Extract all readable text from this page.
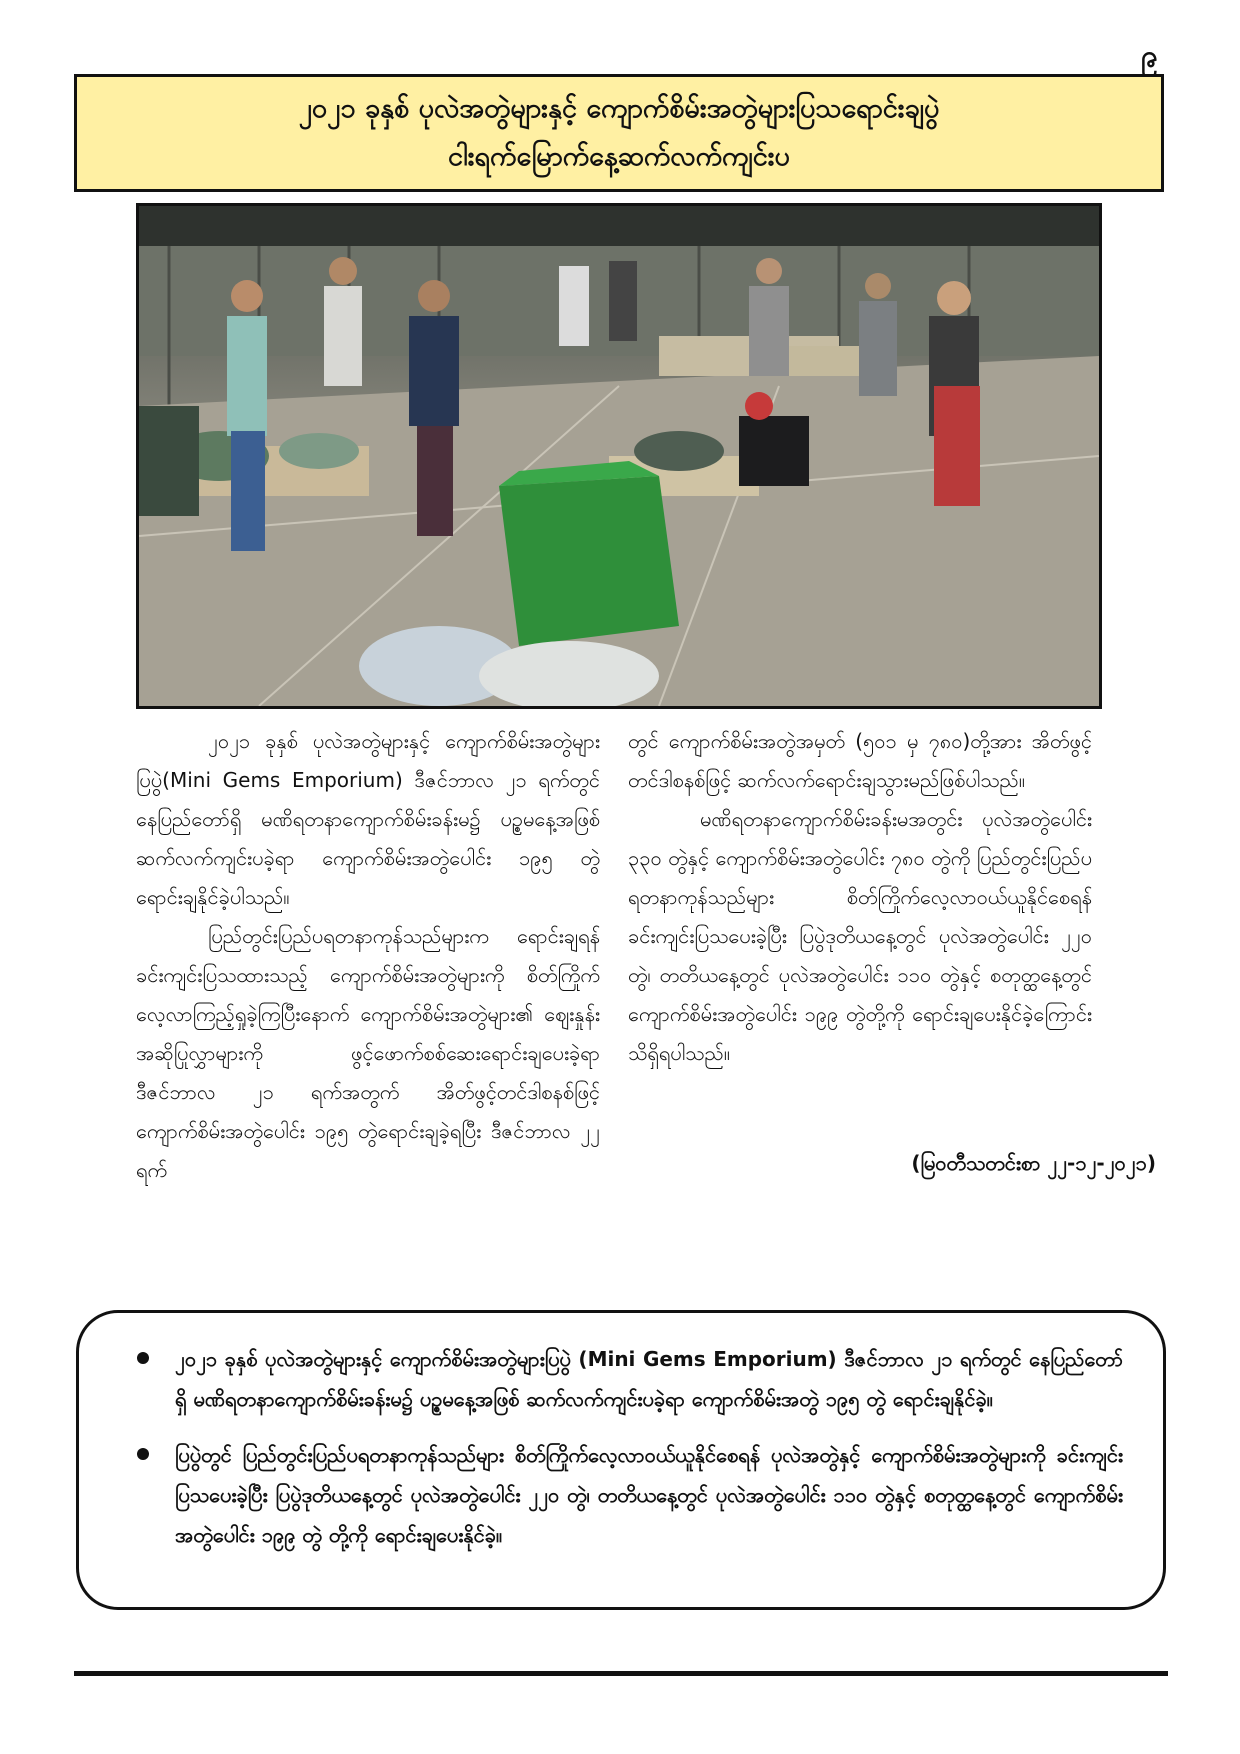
၉
၂၀၂၁ ခုနှစ် ပုလဲအတွဲများနှင့် ကျောက်စိမ်းအတွဲများပြသရောင်းချပွဲ
ငါးရက်မြောက်နေ့ဆက်လက်ကျင်းပ

၂၀၂၁ ခုနှစ် ပုလဲအတွဲများနှင့် ကျောက်စိမ်းအတွဲများပြပွဲ(Mini Gems Emporium) ဒီဇင်ဘာလ ၂၁ ရက်တွင် နေပြည်တော်ရှိ မဏိရတနာကျောက်စိမ်းခန်းမ၌ ပဉ္စမနေ့အဖြစ် ဆက်လက်ကျင်းပခဲ့ရာ ကျောက်စိမ်းအတွဲပေါင်း ၁၉၅ တွဲ ရောင်းချနိုင်ခဲ့ပါသည်။

ပြည်တွင်းပြည်ပရတနာကုန်သည်များက ရောင်းချရန် ခင်းကျင်းပြသထားသည့် ကျောက်စိမ်းအတွဲများကို စိတ်ကြိုက်လေ့လာကြည့်ရှုခဲ့ကြပြီးနောက် ကျောက်စိမ်းအတွဲများ၏ ဈေးနှုန်းအဆိုပြုလွှာများကို ဖွင့်ဖောက်စစ်ဆေးရောင်းချပေးခဲ့ရာ ဒီဇင်ဘာလ ၂၁ ရက်အတွက် အိတ်ဖွင့်တင်ဒါစနစ်ဖြင့် ကျောက်စိမ်းအတွဲပေါင်း ၁၉၅ တွဲရောင်းချခဲ့ရပြီး ဒီဇင်ဘာလ ၂၂ ရက်

တွင် ကျောက်စိမ်းအတွဲအမှတ် (၅၀၁ မှ ၇၈၀)တို့အား အိတ်ဖွင့်တင်ဒါစနစ်ဖြင့် ဆက်လက်ရောင်းချသွားမည်ဖြစ်ပါသည်။

မဏိရတနာကျောက်စိမ်းခန်းမအတွင်း ပုလဲအတွဲပေါင်း ၃၃၀ တွဲနှင့် ကျောက်စိမ်းအတွဲပေါင်း ၇၈၀ တွဲကို ပြည်တွင်းပြည်ပရတနာကုန်သည်များ စိတ်ကြိုက်လေ့လာဝယ်ယူနိုင်စေရန် ခင်းကျင်းပြသပေးခဲ့ပြီး ပြပွဲဒုတိယနေ့တွင် ပုလဲအတွဲပေါင်း ၂၂၀ တွဲ၊ တတိယနေ့တွင် ပုလဲအတွဲပေါင်း ၁၁၀ တွဲနှင့် စတုတ္ထနေ့တွင်ကျောက်စိမ်းအတွဲပေါင်း ၁၉၉ တွဲတို့ကို ရောင်းချပေးနိုင်ခဲ့ကြောင်း သိရှိရပါသည်။

(မြဝတီသတင်းစာ ၂၂-၁၂-၂၀၂၁)
၂၀၂၁ ခုနှစ် ပုလဲအတွဲများနှင့် ကျောက်စိမ်းအတွဲများပြပွဲ (Mini Gems Emporium) ဒီဇင်ဘာလ ၂၁ ရက်တွင် နေပြည်တော်ရှိ မဏိရတနာကျောက်စိမ်းခန်းမ၌ ပဉ္စမနေ့အဖြစ် ဆက်လက်ကျင်းပခဲ့ရာ ကျောက်စိမ်းအတွဲ ၁၉၅ တွဲ ရောင်းချနိုင်ခဲ့။
ပြပွဲတွင် ပြည်တွင်းပြည်ပရတနာကုန်သည်များ စိတ်ကြိုက်လေ့လာဝယ်ယူနိုင်စေရန် ပုလဲအတွဲနှင့် ကျောက်စိမ်းအတွဲများကို ခင်းကျင်းပြသပေးခဲ့ပြီး ပြပွဲဒုတိယနေ့တွင် ပုလဲအတွဲပေါင်း ၂၂၀ တွဲ၊ တတိယနေ့တွင် ပုလဲအတွဲပေါင်း ၁၁၀ တွဲနှင့် စတုတ္ထနေ့တွင် ကျောက်စိမ်းအတွဲပေါင်း ၁၉၉ တွဲ တို့ကို ရောင်းချပေးနိုင်ခဲ့။
